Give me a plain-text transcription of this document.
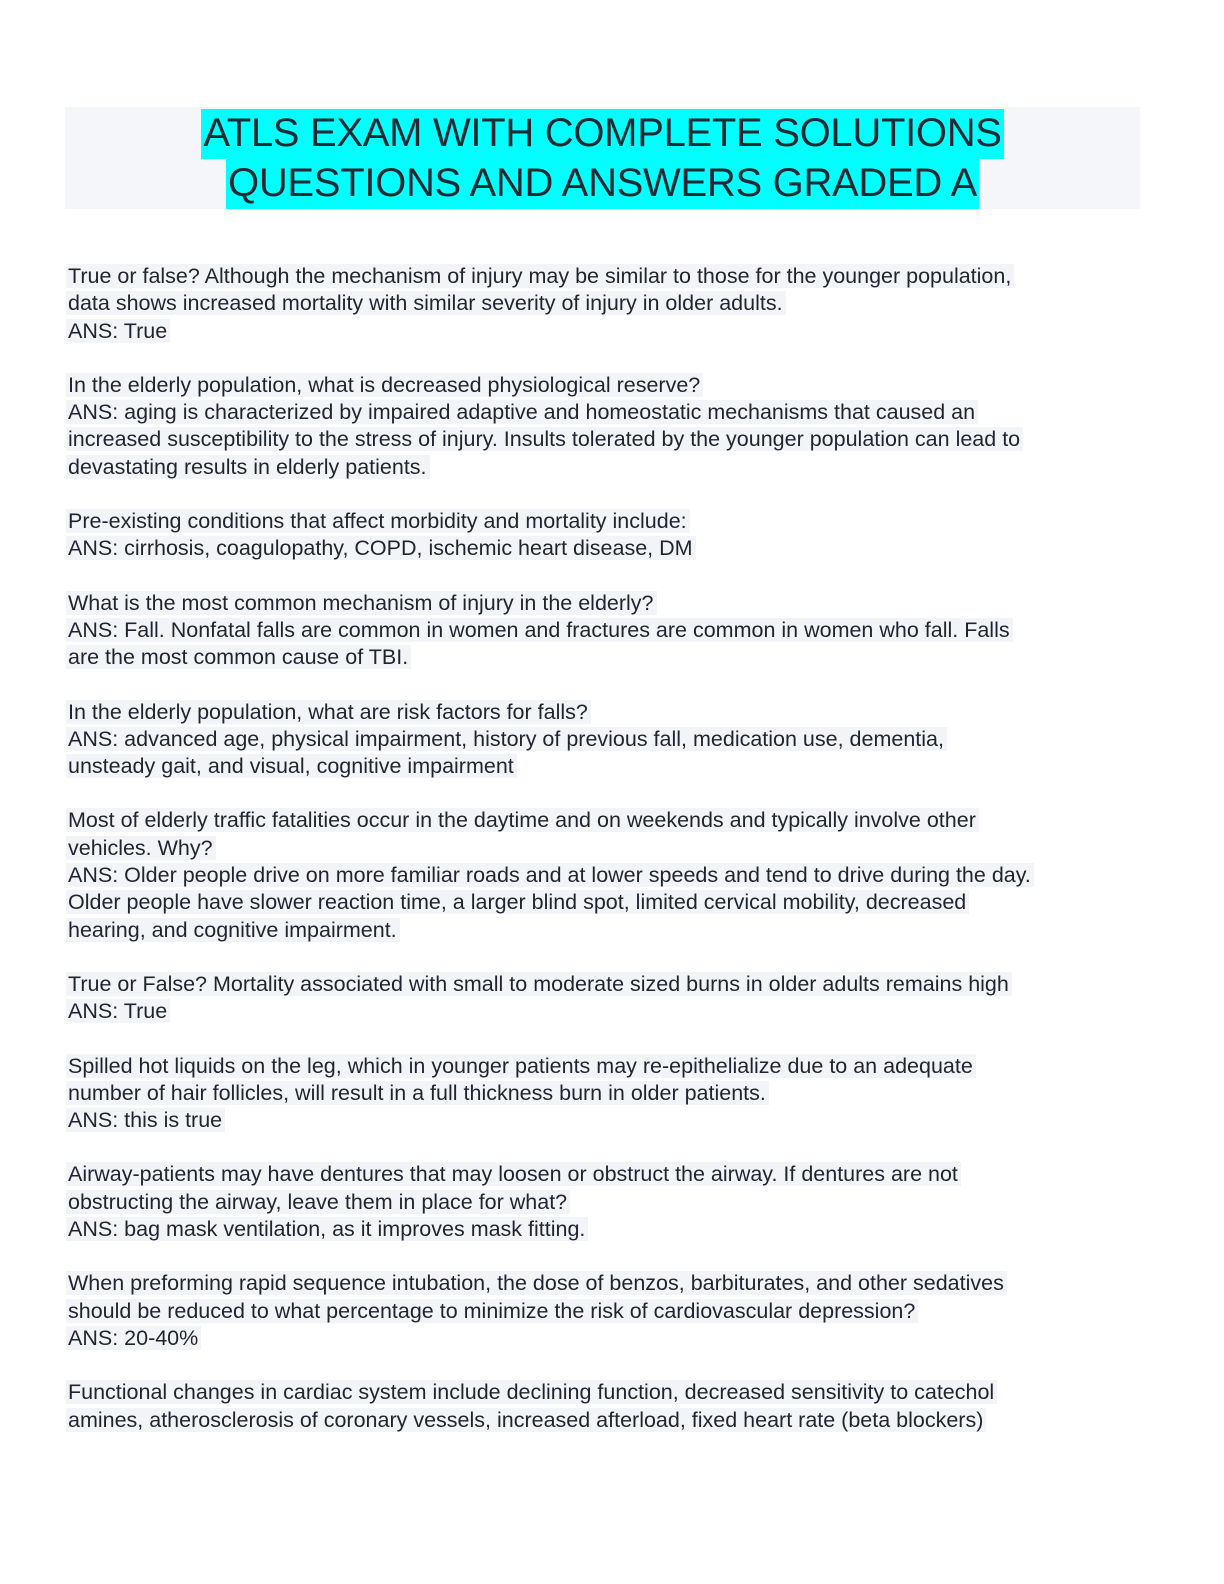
ATLS EXAM WITH COMPLETE SOLUTIONS
QUESTIONS AND ANSWERS GRADED A
True or false? Although the mechanism of injury may be similar to those for the younger population,
data shows increased mortality with similar severity of injury in older adults.
ANS: True
In the elderly population, what is decreased physiological reserve?
ANS: aging is characterized by impaired adaptive and homeostatic mechanisms that caused an
increased susceptibility to the stress of injury. Insults tolerated by the younger population can lead to
devastating results in elderly patients.
Pre-existing conditions that affect morbidity and mortality include:
ANS: cirrhosis, coagulopathy, COPD, ischemic heart disease, DM
What is the most common mechanism of injury in the elderly?
ANS: Fall. Nonfatal falls are common in women and fractures are common in women who fall. Falls
are the most common cause of TBI.
In the elderly population, what are risk factors for falls?
ANS: advanced age, physical impairment, history of previous fall, medication use, dementia,
unsteady gait, and visual, cognitive impairment
Most of elderly traffic fatalities occur in the daytime and on weekends and typically involve other
vehicles. Why?
ANS: Older people drive on more familiar roads and at lower speeds and tend to drive during the day.
Older people have slower reaction time, a larger blind spot, limited cervical mobility, decreased
hearing, and cognitive impairment.
True or False? Mortality associated with small to moderate sized burns in older adults remains high
ANS: True
Spilled hot liquids on the leg, which in younger patients may re-epithelialize due to an adequate
number of hair follicles, will result in a full thickness burn in older patients.
ANS: this is true
Airway-patients may have dentures that may loosen or obstruct the airway. If dentures are not
obstructing the airway, leave them in place for what?
ANS: bag mask ventilation, as it improves mask fitting.
When preforming rapid sequence intubation, the dose of benzos, barbiturates, and other sedatives
should be reduced to what percentage to minimize the risk of cardiovascular depression?
ANS: 20-40%
Functional changes in cardiac system include declining function, decreased sensitivity to catechol
amines, atherosclerosis of coronary vessels, increased afterload, fixed heart rate (beta blockers)
